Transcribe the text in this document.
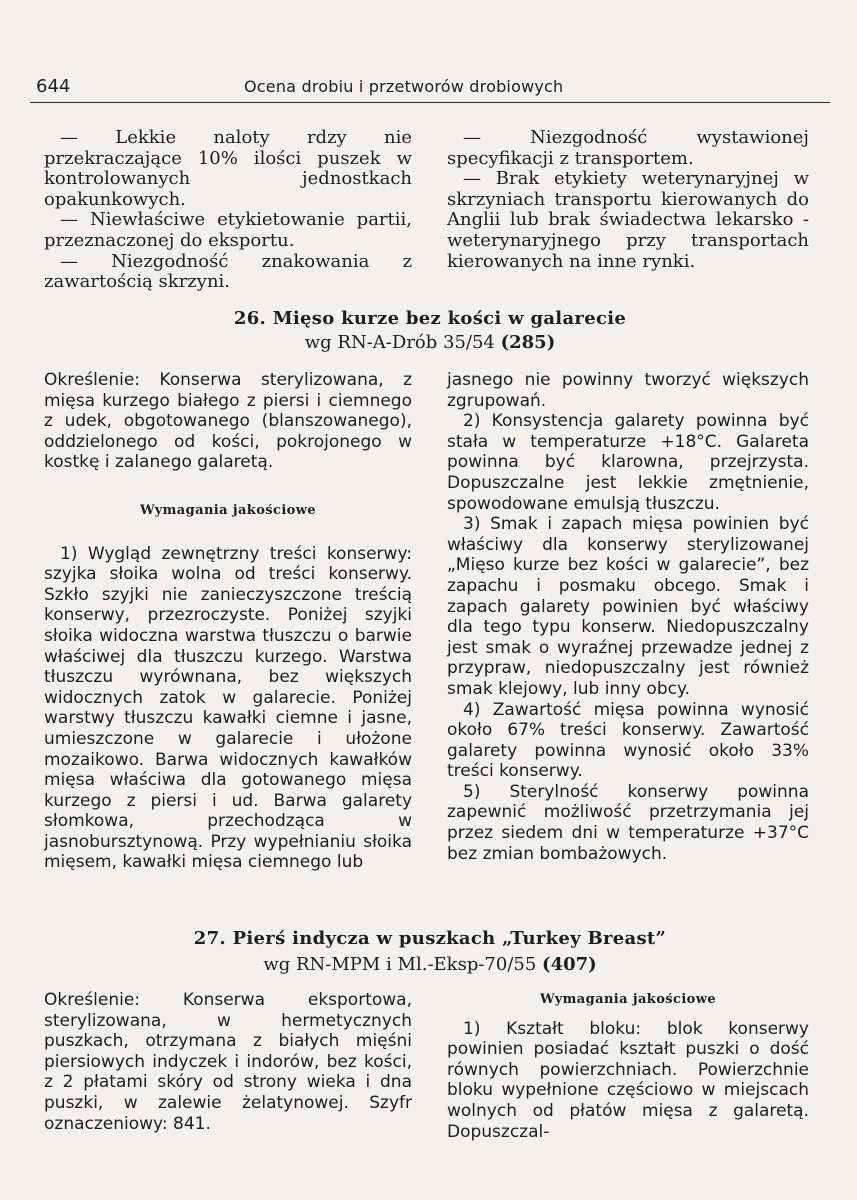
644	Ocena drobiu i przetworów drobiowych

— Lekkie naloty rdzy nie przekraczające 10% ilości puszek w kontrolowanych jednostkach opakunkowych.

— Niewłaściwe etykietowanie partii, przeznaczonej do eksportu.

— Niezgodność znakowania z zawartością skrzyni.

— Niezgodność wystawionej specyfikacji z transportem.

— Brak etykiety weterynaryjnej w skrzyniach transportu kierowanych do Anglii lub brak świadectwa lekarsko - weterynaryjnego przy transportach kierowanych na inne rynki.

26. Mięso kurze bez kości w galarecie
wg RN-A-Drób 35/54 (285)

Określenie: Konserwa sterylizowana, z mięsa kurzego białego z piersi i ciemnego z udek, obgotowanego (blanszowanego), oddzielonego od kości, pokrojonego w kostkę i zalanego galaretą.

Wymagania jakościowe

1) Wygląd zewnętrzny treści konserwy: szyjka słoika wolna od treści konserwy. Szkło szyjki nie zanieczyszczone treścią konserwy, przezroczyste. Poniżej szyjki słoika widoczna warstwa tłuszczu o barwie właściwej dla tłuszczu kurzego. Warstwa tłuszczu wyrównana, bez większych widocznych zatok w galarecie. Poniżej warstwy tłuszczu kawałki ciemne i jasne, umieszczone w galarecie i ułożone mozaikowo. Barwa widocznych kawałków mięsa właściwa dla gotowanego mięsa kurzego z piersi i ud. Barwa galarety słomkowa, przechodząca w jasnobursztynową. Przy wypełnianiu słoika mięsem, kawałki mięsa ciemnego lub

jasnego nie powinny tworzyć większych zgrupowań.

2) Konsystencja galarety powinna być stała w temperaturze +18°C. Galareta powinna być klarowna, przejrzysta. Dopuszczalne jest lekkie zmętnienie, spowodowane emulsją tłuszczu.

3) Smak i zapach mięsa powinien być właściwy dla konserwy sterylizowanej „Mięso kurze bez kości w galarecie”, bez zapachu i posmaku obcego. Smak i zapach galarety powinien być właściwy dla tego typu konserw. Niedopuszczalny jest smak o wyraźnej przewadze jednej z przypraw, niedopuszczalny jest również smak klejowy, lub inny obcy.

4) Zawartość mięsa powinna wynosić około 67% treści konserwy. Zawartość galarety powinna wynosić około 33% treści konserwy.

5) Sterylność konserwy powinna zapewnić możliwość przetrzymania jej przez siedem dni w temperaturze +37°C bez zmian bombażowych.

27. Pierś indycza w puszkach „Turkey Breast”
wg RN-MPM i Ml.-Eksp-70/55 (407)

Określenie: Konserwa eksportowa, sterylizowana, w hermetycznych puszkach, otrzymana z białych mięśni piersiowych indyczek i indorów, bez kości, z 2 płatami skóry od strony wieka i dna puszki, w zalewie żelatynowej. Szyfr oznaczeniowy: 841.

Wymagania jakościowe

1) Kształt bloku: blok konserwy powinien posiadać kształt puszki o dość równych powierzchniach. Powierzchnie bloku wypełnione częściowo w miejscach wolnych od płatów mięsa z galaretą. Dopuszczal-
